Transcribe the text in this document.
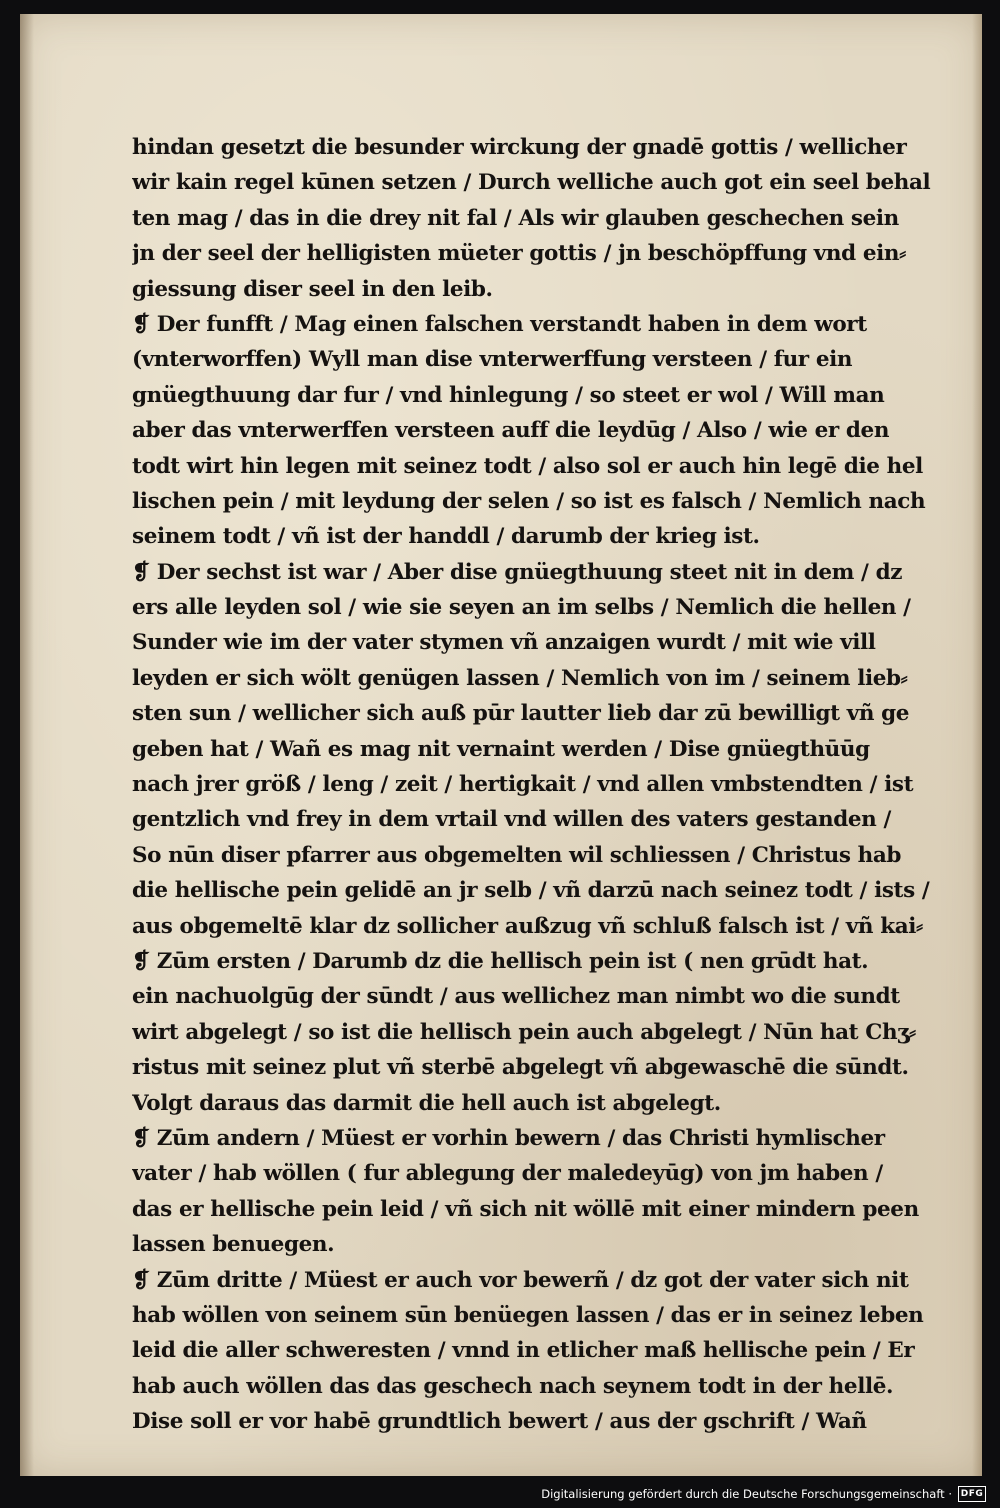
hindan gesetzt die besunder wirckung der gnadē gottis / wellicher
wir kain regel kūnen setzen / Durch welliche auch got ein seel behal
ten mag / das in die drey nit fal / Als wir glauben geschechen sein
jn der seel der helligisten müeter gottis / jn beschöpffung vnd ein⸗
giessung diser seel in den leib.
❡ Der funfft / Mag einen falschen verstandt haben in dem wort
(vnterworffen) Wyll man dise vnterwerffung versteen / fur ein
gnüegthuung dar fur / vnd hinlegung / so steet er wol / Will man
aber das vnterwerffen versteen auff die leydūg / Also / wie er den
todt wirt hin legen mit seinez todt / also sol er auch hin legē die hel
lischen pein / mit leydung der selen / so ist es falsch / Nemlich nach
seinem todt / vñ ist der handdl / darumb der krieg ist.
❡ Der sechst ist war / Aber dise gnüegthuung steet nit in dem / dz
ers alle leyden sol / wie sie seyen an im selbs / Nemlich die hellen /
Sunder wie im der vater stymen vñ anzaigen wurdt / mit wie vill
leyden er sich wölt genügen lassen / Nemlich von im / seinem lieb⸗
sten sun / wellicher sich auß pūr lautter lieb dar zū bewilligt vñ ge
geben hat / Wañ es mag nit vernaint werden / Dise gnüegthūūg
nach jrer größ / leng / zeit / hertigkait / vnd allen vmbstendten / ist
gentzlich vnd frey in dem vrtail vnd willen des vaters gestanden /
So nūn diser pfarrer aus obgemelten wil schliessen / Christus hab
die hellische pein gelidē an jr selb / vñ darzū nach seinez todt / ists /
aus obgemeltē klar dz sollicher außzug vñ schluß falsch ist / vñ kai⸗
❡ Zūm ersten / Darumb dz die hellisch pein ist ( nen grūdt hat.
ein nachuolgūg der sūndt / aus wellichez man nimbt wo die sundt
wirt abgelegt / so ist die hellisch pein auch abgelegt / Nūn hat Chʒ⸗
ristus mit seinez plut vñ sterbē abgelegt vñ abgewaschē die sūndt.
Volgt daraus das darmit die hell auch ist abgelegt.
❡ Zūm andern / Müest er vorhin bewern / das Christi hymlischer
vater / hab wöllen ( fur ablegung der maledeyūg) von jm haben /
das er hellische pein leid / vñ sich nit wöllē mit einer mindern peen
lassen benuegen.
❡ Zūm dritte / Müest er auch vor bewerñ / dz got der vater sich nit
hab wöllen von seinem sūn benüegen lassen / das er in seinez leben
leid die aller schweresten / vnnd in etlicher maß hellische pein / Er
hab auch wöllen das das geschech nach seynem todt in der hellē.
Dise soll er vor habē grundtlich bewert / aus der gschrift / Wañ
Digitalisierung gefördert durch die Deutsche Forschungsgemeinschaft · DFG
